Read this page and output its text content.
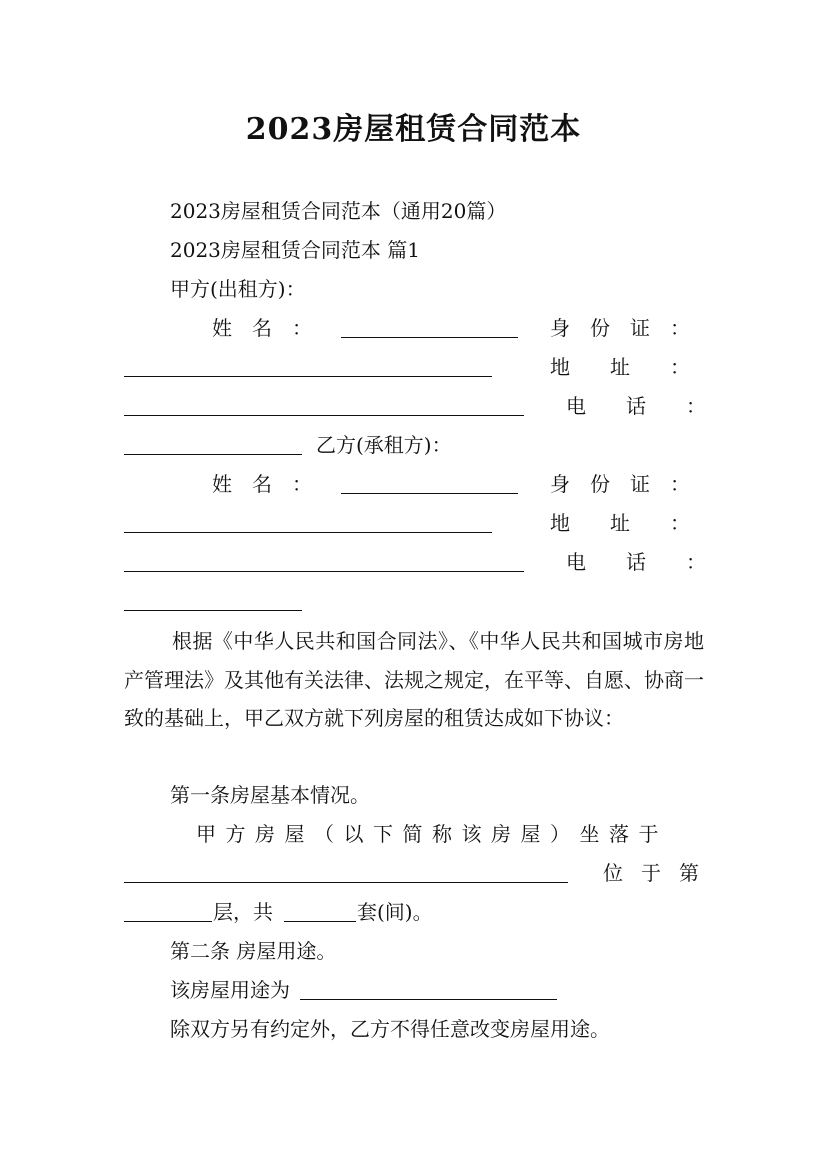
2023房屋租赁合同范本
2023房屋租赁合同范本（通用20篇）
2023房屋租赁合同范本 篇1
甲方(出租方)：
姓　名　：	身　份　证　：
地　　址　　：
电　　话　　：
乙方(承租方)：
姓　名　：	身　份　证　：
地　　址　　：
电　　话　　：
根据《中华人民共和国合同法》、《中华人民共和国城市房地产管理法》及其他有关法律、法规之规定，在平等、自愿、协商一致的基础上，甲乙双方就下列房屋的租赁达成如下协议：
第一条房屋基本情况。
甲方房屋（以下简称该房屋）坐落于
位于第
层，共	套(间)。
第二条 房屋用途。
该房屋用途为
除双方另有约定外，乙方不得任意改变房屋用途。
